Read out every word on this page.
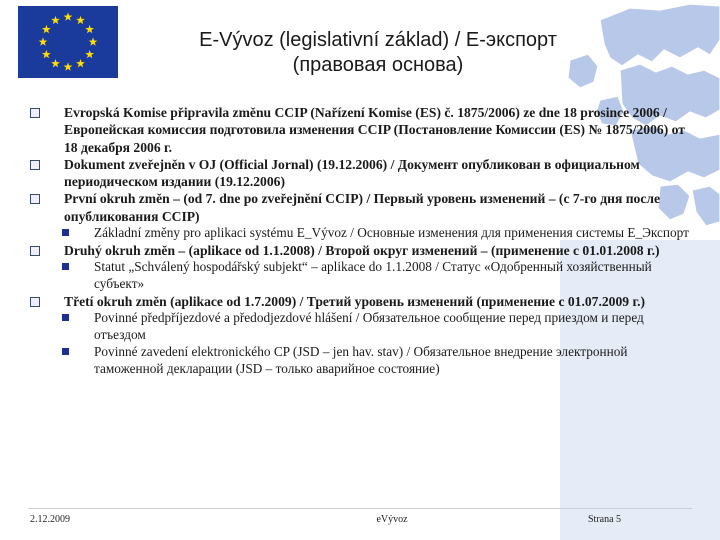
E-Vývoz (legislativní základ) / E-экспорт
(правовая основа)
Evropská Komise připravila změnu CCIP (Nařízení Komise (ES) č. 1875/2006) ze dne 18 prosince 2006 / Европейская комиссия подготовила изменения CCIP (Постановление Комиссии (ES) № 1875/2006) от 18 декабря 2006 г.
Dokument zveřejněn v OJ (Official Jornal) (19.12.2006) / Документ опубликован в официальном периодическом издании (19.12.2006)
První okruh změn – (od 7. dne po zveřejnění CCIP) / Первый уровень изменений – (с 7-го дня после опубликования CCIP)
Základní změny pro aplikaci systému E_Vývoz / Основные изменения для применения системы E_Экспорт
Druhý okruh změn – (aplikace od 1.1.2008) / Второй округ изменений – (применение с 01.01.2008 г.)
Statut „Schválený hospodářský subjekt“ – aplikace do 1.1.2008 / Статус «Одобренный хозяйственный субъект»
Třetí okruh změn (aplikace od 1.7.2009) / Третий уровень изменений (применение с 01.07.2009 г.)
Povinné předpříjezdové a předodjezdové hlášení / Обязательное сообщение перед приездом и перед отъездом
Povinné zavedení elektronického CP (JSD – jen hav. stav) / Обязательное внедрение электронной таможенной декларации (JSD – только аварийное состояние)
2.12.2009	eVývoz	Strana 5
